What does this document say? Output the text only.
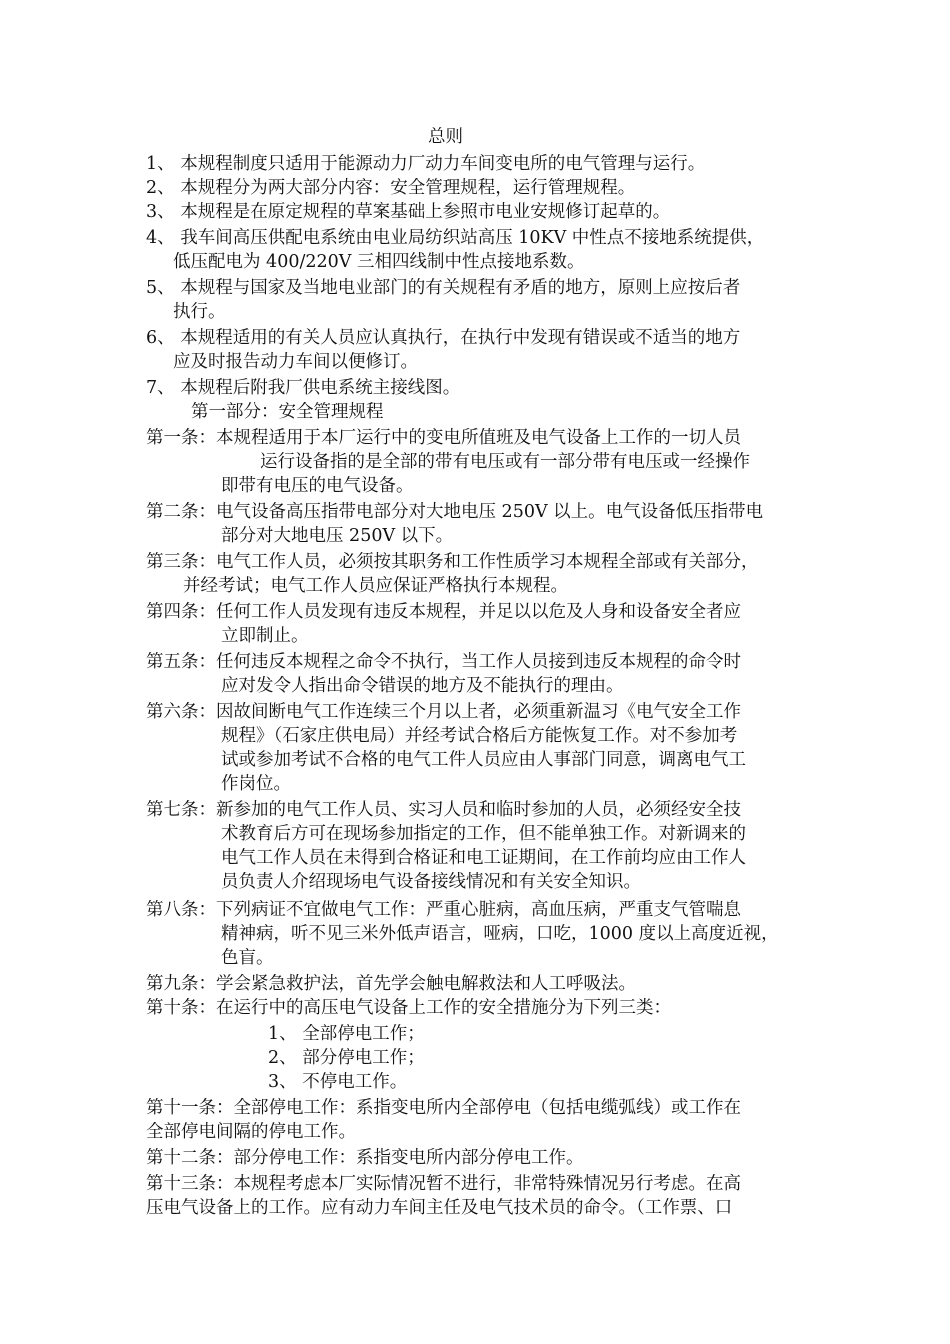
总则
1、 本规程制度只适用于能源动力厂动力车间变电所的电气管理与运行。
2、 本规程分为两大部分内容：安全管理规程，运行管理规程。
3、 本规程是在原定规程的草案基础上参照市电业安规修订起草的。
4、 我车间高压供配电系统由电业局纺织站高压 10KV 中性点不接地系统提供，
低压配电为 400/220V 三相四线制中性点接地系数。
5、 本规程与国家及当地电业部门的有关规程有矛盾的地方，原则上应按后者
执行。
6、 本规程适用的有关人员应认真执行，在执行中发现有错误或不适当的地方
应及时报告动力车间以便修订。
7、 本规程后附我厂供电系统主接线图。
第一部分：安全管理规程
第一条：本规程适用于本厂运行中的变电所值班及电气设备上工作的一切人员
运行设备指的是全部的带有电压或有一部分带有电压或一经操作
即带有电压的电气设备。
第二条：电气设备高压指带电部分对大地电压 250V 以上。电气设备低压指带电
部分对大地电压 250V 以下。
第三条：电气工作人员，必须按其职务和工作性质学习本规程全部或有关部分，
并经考试；电气工作人员应保证严格执行本规程。
第四条：任何工作人员发现有违反本规程，并足以以危及人身和设备安全者应
立即制止。
第五条：任何违反本规程之命令不执行，当工作人员接到违反本规程的命令时
应对发令人指出命令错误的地方及不能执行的理由。
第六条：因故间断电气工作连续三个月以上者，必须重新温习《电气安全工作
规程》（石家庄供电局）并经考试合格后方能恢复工作。对不参加考
试或参加考试不合格的电气工件人员应由人事部门同意，调离电气工
作岗位。
第七条：新参加的电气工作人员、实习人员和临时参加的人员，必须经安全技
术教育后方可在现场参加指定的工作，但不能单独工作。对新调来的
电气工作人员在未得到合格证和电工证期间，在工作前均应由工作人
员负责人介绍现场电气设备接线情况和有关安全知识。
第八条：下列病证不宜做电气工作：严重心脏病，高血压病，严重支气管喘息
精神病，听不见三米外低声语言，哑病，口吃，1000 度以上高度近视，
色盲。
第九条：学会紧急救护法，首先学会触电解救法和人工呼吸法。
第十条：在运行中的高压电气设备上工作的安全措施分为下列三类：
1、 全部停电工作；
2、 部分停电工作；
3、 不停电工作。
第十一条：全部停电工作：系指变电所内全部停电（包括电缆弧线）或工作在
全部停电间隔的停电工作。
第十二条：部分停电工作：系指变电所内部分停电工作。
第十三条：本规程考虑本厂实际情况暂不进行，非常特殊情况另行考虑。在高
压电气设备上的工作。应有动力车间主任及电气技术员的命令。（工作票、口
